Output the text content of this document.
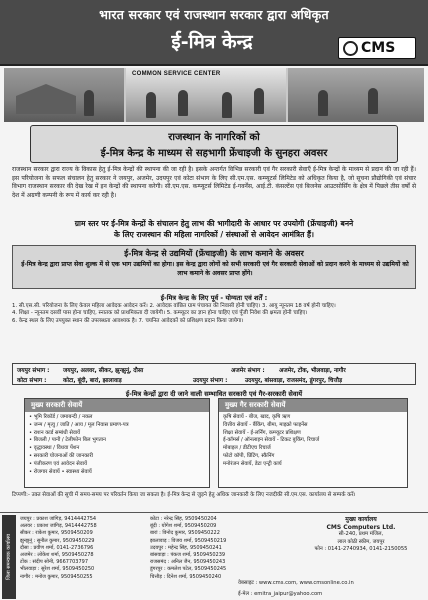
भारत सरकार एवं राजस्थान सरकार द्वारा अधिकृत
ई-मित्र केन्द्र	CMS
COMMON SERVICE CENTER
राजस्थान के नागरिकों को
ई-मित्र केन्द्र के माध्यम से सहभागी फ्रेंचाइजी के सुनहरा अवसर
राजस्थान सरकार द्वारा राज्य के विकास हेतु ई-मित्र केन्द्रों की स्थापना की जा रही है। इसके अन्तर्गत विभिन्न सरकारी एवं गैर सरकारी सेवाएँ ई-मित्र केन्द्रों के माध्यम से प्रदान की जा रही हैं। इस परियोजना के सफल संचालन हेतु सरकार ने जयपुर, अजमेर, उदयपुर एवं कोटा संभाग के लिए सी.एम.एस. कम्प्यूटर्स लिमिटेड को अधिकृत किया है, जो सूचना प्रौद्योगिकी एवं संचार विभाग राजस्थान सरकार की देख रेख में इन केन्द्रों की स्थापना करेगी। सी.एम.एस. कम्प्यूटर्स लिमिटेड ई-गवर्नेंस, आई.टी. कंसल्टेंस एवं बिजनेस आउटसोर्सिंग के क्षेत्र में पिछले तीस वर्षों से देश में अग्रणी कम्पनी के रूप में कार्य कर रही है।
ग्राम स्तर पर ई-मित्र केन्द्रों के संचालन हेतु लाभ की भागीदारी के आधार पर उपयोगी (फ्रेंचाइजी) बनने
के लिए राजस्थान की महिला नागरिकों / संस्थाओं से आवेदन आमंत्रित हैं।
ई-मित्र केन्द्र से उद्यमियों (फ्रेंचाइजी) के लाभ कमाने के अवसर
ई-मित्र केन्द्र द्वारा प्राप्त सेवा शुल्क में से एक भाग उद्यमियों का होगा। इस केन्द्र द्वारा लोगों को सभी सरकारी एवं गैर सरकारी सेवाओं को प्रदान करने के माध्यम से उद्यमियों को लाभ कमाने के अवसर प्राप्त होंगे।
ई-मित्र केन्द्र के लिए पूर्व - योग्यता एवं शर्तें :
1. सी.एस.सी. परियोजना के लिए केवल महिला आवेदक आवेदन करें। 2. आवेदक वांछित ग्राम पंचायत की निवासी होनी चाहिए। 3. आयु न्यूनतम 18 वर्ष होनी चाहिए।
4. शिक्षा - न्यूनतम दसवीं पास होना चाहिए, स्नातक को प्राथमिकता दी जायेगी। 5. कम्प्यूटर का ज्ञान होना चाहिए एवं पूँजी निवेश की क्षमता होनी चाहिए।
6. केन्द्र स्थल के लिए उपयुक्त स्थान की उपलब्धता आवश्यक है। 7. चयनित आवेदकों को प्रशिक्षण प्रदान किया जायेगा।
जयपुर संभाग : जयपुर, अलवर, सीकर, झुन्झुनूं, दौसा	अजमेर संभाग : अजमेर, टोंक, भीलवाड़ा, नागौर
कोटा संभाग :	कोटा, बूंदी, बारां, झालावाड़	उदयपुर संभाग :	उदयपुर, बांसवाड़ा, राजसमंद, डूंगरपुर, चित्तौड़
ई-मित्र केन्द्रों द्वारा दी जाने वाली सम्भावित सरकारी एवं गैर-सरकारी सेवायें
मुख्य सरकारी सेवायें
• भूमि रिकॉर्ड / जमाबन्दी / नकल
• जन्म / मृत्यु / जाति / आय / मूल निवास प्रमाण-पत्र
• राशन कार्ड सम्बंधी सेवायें
• बिजली / पानी / टेलीफोन बिल भुगतान
• वृद्धावस्था / विधवा पेंशन
• सरकारी योजनाओं की जानकारी
• पंजीकरण एवं आवेदन सेवायें
• रोजगार सेवायें • स्वास्थ्य सेवायें
मुख्य गैर सरकारी सेवायें
कृषि सेवायें - बीज, खाद, कृषि ऋण
वित्तीय सेवायें - बैंकिंग, बीमा, माइक्रो फाइनेंस
शिक्षा सेवायें - ई-लर्निंग, कम्प्यूटर प्रशिक्षण
ई-कॉमर्स / ऑनलाइन सेवायें - टिकट बुकिंग, रिचार्ज
मोबाइल / डीटीएच रिचार्ज
फोटो कॉपी, प्रिंटिंग, स्कैनिंग
मनोरंजन सेवायें, डेटा एन्ट्री कार्य
टिप्पणी:- उक्त सेवाओं की सूची में समय-समय पर परिवर्तन किया जा सकता है। ई-मित्र केन्द्र से जुड़ने हेतु अधिक जानकारी के लिए नजदीकी सी.एम.एस. कार्यालय से सम्पर्क करें।
जिला समन्वयक कार्यालय
जयपुर : प्रकाश जांगिड़, 9414442754
अलवर : प्रकाश जांगिड़, 9414442758
सीकर : राकेश कुमार, 9509450209
झुन्झुनूं : सुनील कुमार, 9509450229
दौसा : प्रवीण शर्मा, 0141-2736796
अजमेर : लोकेश शर्मा, 9509450278
टोंक : संदीप सोनी, 9667703797
भीलवाड़ा : सुरेश शर्मा, 9509450250
नागौर : मनोज कुमार, 9509450255
कोटा : नरेन्द्र सिंह, 9509450204
बूंदी : योगेश शर्मा, 9509450209
बारां : विनोद कुमार, 9509450222
झालावाड़ : विजय शर्मा, 9509450219
उदयपुर : महेन्द्र सिंह, 9509450241
बांसवाड़ा : पंकज शर्मा, 9509450239
राजसमंद : अनिल जैन, 9509450243
डूंगरपुर : कमलेश पटेल, 9509450245
चित्तौड़ : दिनेश शर्मा, 9509450240
मुख्य कार्यालय
CMS Computers Ltd.
सी-240, प्रथम मंजिल,
लाल कोठी स्कीम, जयपुर
फोन : 0141-2740934, 0141-2150055
वेबसाइट : www.cms.com, www.cmsonline.co.in
ई-मेल : emitra_jaipur@yahoo.com
